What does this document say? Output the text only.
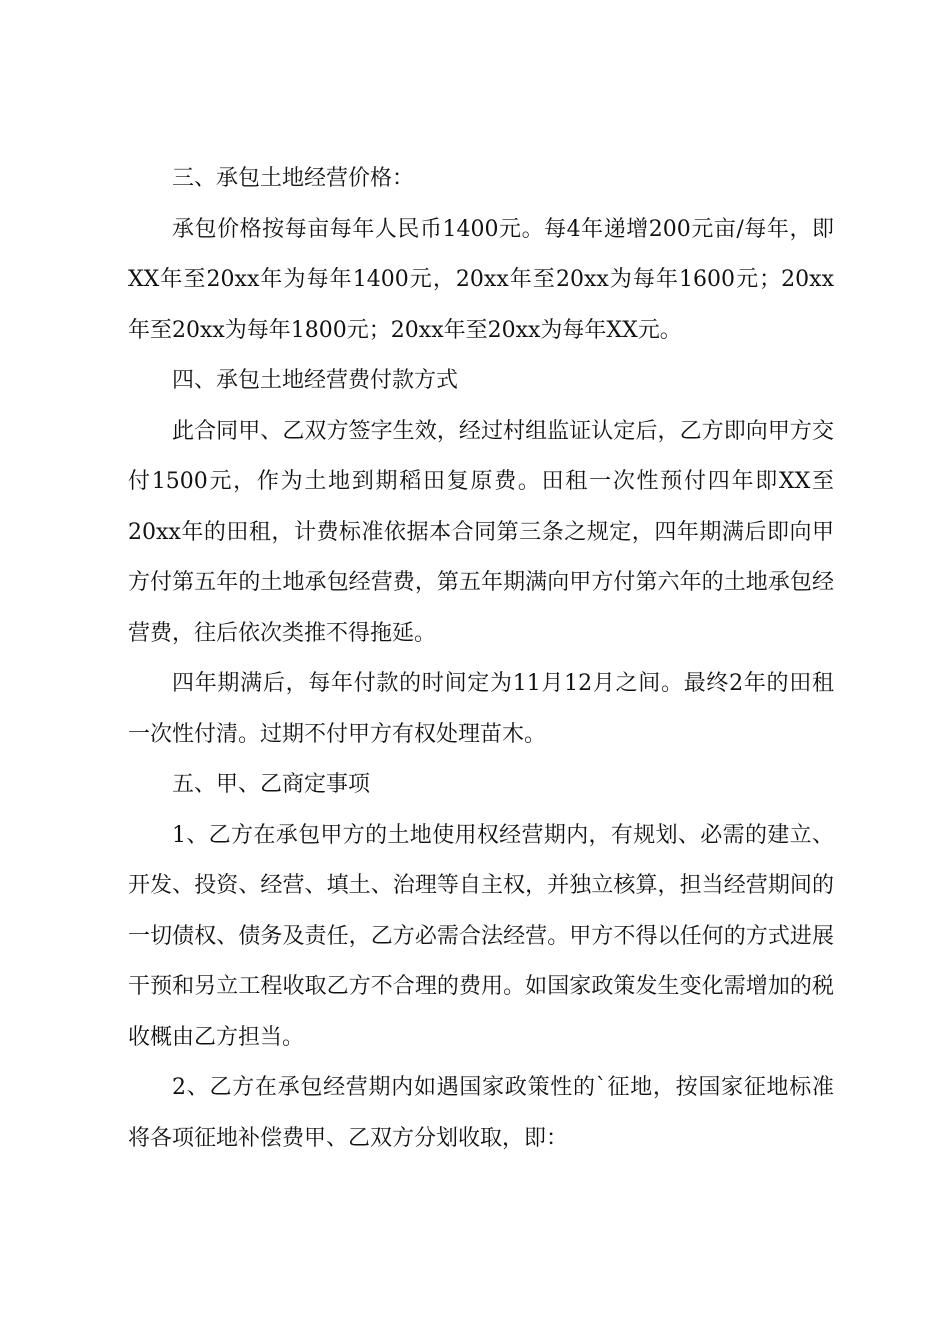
三、承包土地经营价格：

承包价格按每亩每年人民币1400元。每4年递增200元亩/每年，即XX年至20xx年为每年1400元，20xx年至20xx为每年1600元；20xx年至20xx为每年1800元；20xx年至20xx为每年XX元。

四、承包土地经营费付款方式

此合同甲、乙双方签字生效，经过村组监证认定后，乙方即向甲方交付1500元，作为土地到期稻田复原费。田租一次性预付四年即XX至20xx年的田租，计费标准依据本合同第三条之规定，四年期满后即向甲方付第五年的土地承包经营费，第五年期满向甲方付第六年的土地承包经营费，往后依次类推不得拖延。

四年期满后，每年付款的时间定为11月12月之间。最终2年的田租一次性付清。过期不付甲方有权处理苗木。

五、甲、乙商定事项

1、乙方在承包甲方的土地使用权经营期内，有规划、必需的建立、开发、投资、经营、填土、治理等自主权，并独立核算，担当经营期间的一切债权、债务及责任，乙方必需合法经营。甲方不得以任何的方式进展干预和另立工程收取乙方不合理的费用。如国家政策发生变化需增加的税收概由乙方担当。

2、乙方在承包经营期内如遇国家政策性的`征地，按国家征地标准将各项征地补偿费甲、乙双方分划收取，即：
